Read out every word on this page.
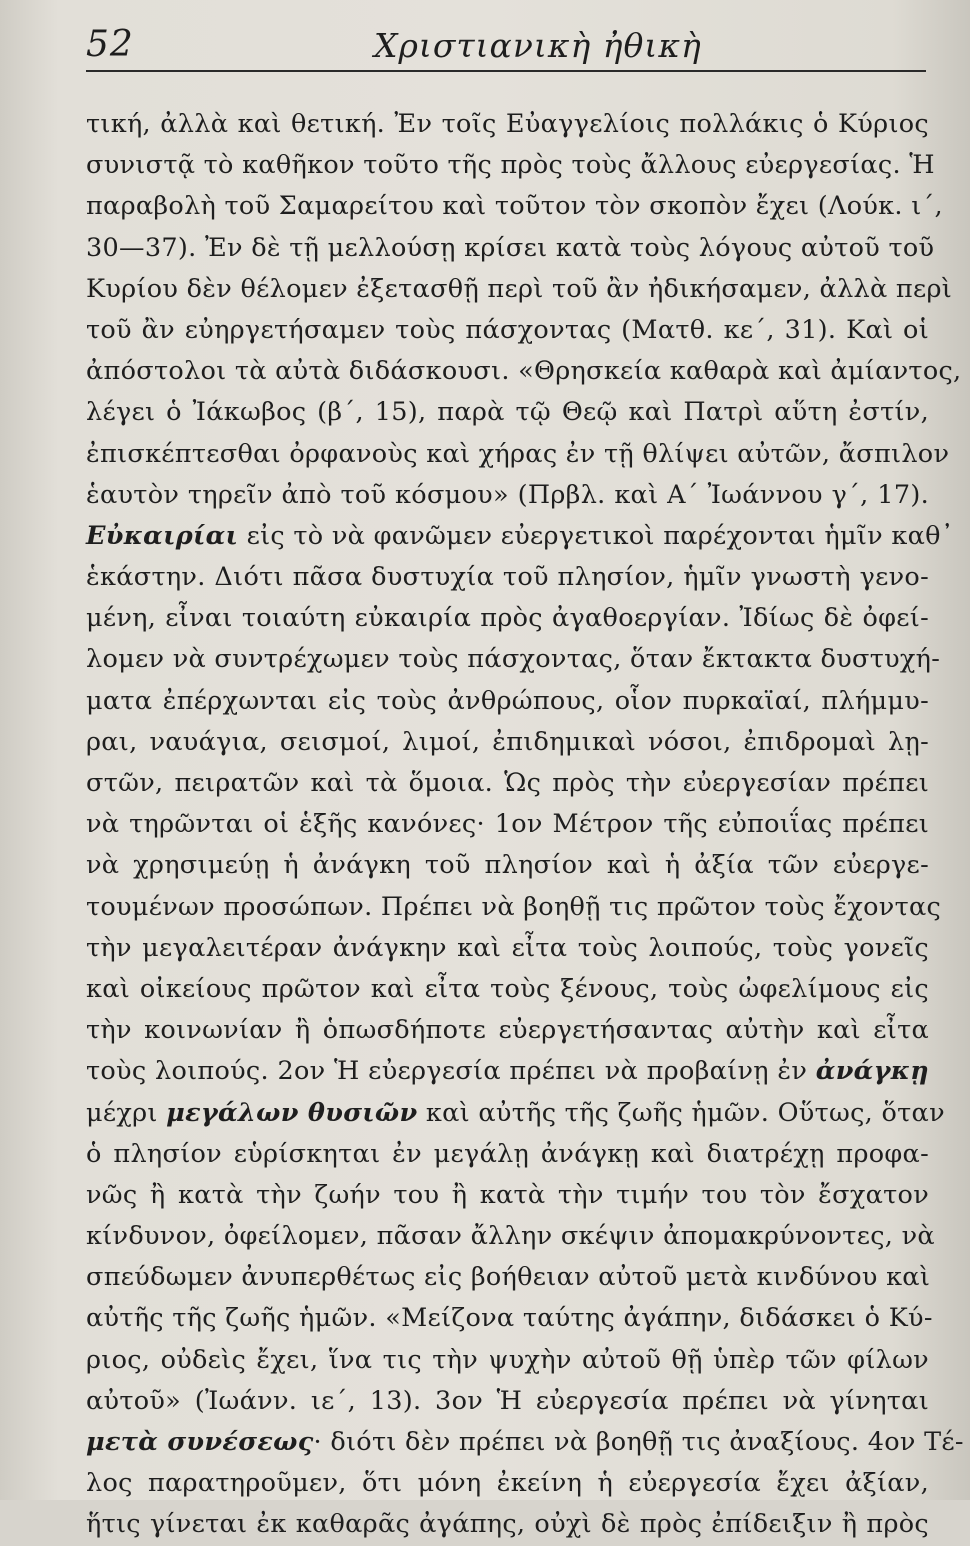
52	Χριστιανικὴ ἠθικὴ
τική, ἀλλὰ καὶ θετική. Ἐν τοῖς Εὐαγγελίοις πολλάκις ὁ Κύριος
συνιστᾷ τὸ καθῆκον τοῦτο τῆς πρὸς τοὺς ἄλλους εὐεργεσίας. Ἡ
παραβολὴ τοῦ Σαμαρείτου καὶ τοῦτον τὸν σκοπὸν ἔχει (Λούκ. ι΄,
30—37). Ἐν δὲ τῇ μελλούσῃ κρίσει κατὰ τοὺς λόγους αὐτοῦ τοῦ
Κυρίου δὲν θέλομεν ἐξετασθῇ περὶ τοῦ ἂν ἠδικήσαμεν, ἀλλὰ περὶ
τοῦ ἂν εὐηργετήσαμεν τοὺς πάσχοντας (Ματθ. κε΄, 31). Καὶ οἱ
ἀπόστολοι τὰ αὐτὰ διδάσκουσι. «Θρησκεία καθαρὰ καὶ ἀμίαντος,
λέγει ὁ Ἰάκωβος (β΄, 15), παρὰ τῷ Θεῷ καὶ Πατρὶ αὕτη ἐστίν,
ἐπισκέπτεσθαι ὀρφανοὺς καὶ χήρας ἐν τῇ θλίψει αὐτῶν, ἄσπιλον
ἑαυτὸν τηρεῖν ἀπὸ τοῦ κόσμου» (Πρβλ. καὶ Α΄ Ἰωάννου γ΄, 17).
Εὐκαιρίαι εἰς τὸ νὰ φανῶμεν εὐεργετικοὶ παρέχονται ἡμῖν καθ᾽
ἑκάστην. Διότι πᾶσα δυστυχία τοῦ πλησίον, ἡμῖν γνωστὴ γενο-
μένη, εἶναι τοιαύτη εὐκαιρία πρὸς ἀγαθοεργίαν. Ἰδίως δὲ ὀφεί-
λομεν νὰ συντρέχωμεν τοὺς πάσχοντας, ὅταν ἔκτακτα δυστυχή-
ματα ἐπέρχωνται εἰς τοὺς ἀνθρώπους, οἷον πυρκαϊαί, πλήμμυ-
ραι, ναυάγια, σεισμοί, λιμοί, ἐπιδημικαὶ νόσοι, ἐπιδρομαὶ λῃ-
στῶν, πειρατῶν καὶ τὰ ὅμοια. Ὡς πρὸς τὴν εὐεργεσίαν πρέπει
νὰ τηρῶνται οἱ ἑξῆς κανόνες· 1ον Μέτρον τῆς εὐποιΐας πρέπει
νὰ χρησιμεύῃ ἡ ἀνάγκη τοῦ πλησίον καὶ ἡ ἀξία τῶν εὐεργε-
τουμένων προσώπων. Πρέπει νὰ βοηθῇ τις πρῶτον τοὺς ἔχοντας
τὴν μεγαλειτέραν ἀνάγκην καὶ εἶτα τοὺς λοιπούς, τοὺς γονεῖς
καὶ οἰκείους πρῶτον καὶ εἶτα τοὺς ξένους, τοὺς ὠφελίμους εἰς
τὴν κοινωνίαν ἢ ὁπωσδήποτε εὐεργετήσαντας αὐτὴν καὶ εἶτα
τοὺς λοιπούς. 2ον Ἡ εὐεργεσία πρέπει νὰ προβαίνῃ ἐν ἀνάγκῃ
μέχρι μεγάλων θυσιῶν καὶ αὐτῆς τῆς ζωῆς ἡμῶν. Οὕτως, ὅταν
ὁ πλησίον εὑρίσκηται ἐν μεγάλῃ ἀνάγκῃ καὶ διατρέχῃ προφα-
νῶς ἢ κατὰ τὴν ζωήν του ἢ κατὰ τὴν τιμήν του τὸν ἔσχατον
κίνδυνον, ὀφείλομεν, πᾶσαν ἄλλην σκέψιν ἀπομακρύνοντες, νὰ
σπεύδωμεν ἀνυπερθέτως εἰς βοήθειαν αὐτοῦ μετὰ κινδύνου καὶ
αὐτῆς τῆς ζωῆς ἡμῶν. «Μείζονα ταύτης ἀγάπην, διδάσκει ὁ Κύ-
ριος, οὐδεὶς ἔχει, ἵνα τις τὴν ψυχὴν αὐτοῦ θῇ ὑπὲρ τῶν φίλων
αὐτοῦ» (Ἰωάνν. ιε΄, 13). 3ον Ἡ εὐεργεσία πρέπει νὰ γίνηται
μετὰ συνέσεως· διότι δὲν πρέπει νὰ βοηθῇ τις ἀναξίους. 4ον Τέ-
λος παρατηροῦμεν, ὅτι μόνη ἐκείνη ἡ εὐεργεσία ἔχει ἀξίαν,
ἥτις γίνεται ἐκ καθαρᾶς ἀγάπης, οὐχὶ δὲ πρὸς ἐπίδειξιν ἢ πρὸς
